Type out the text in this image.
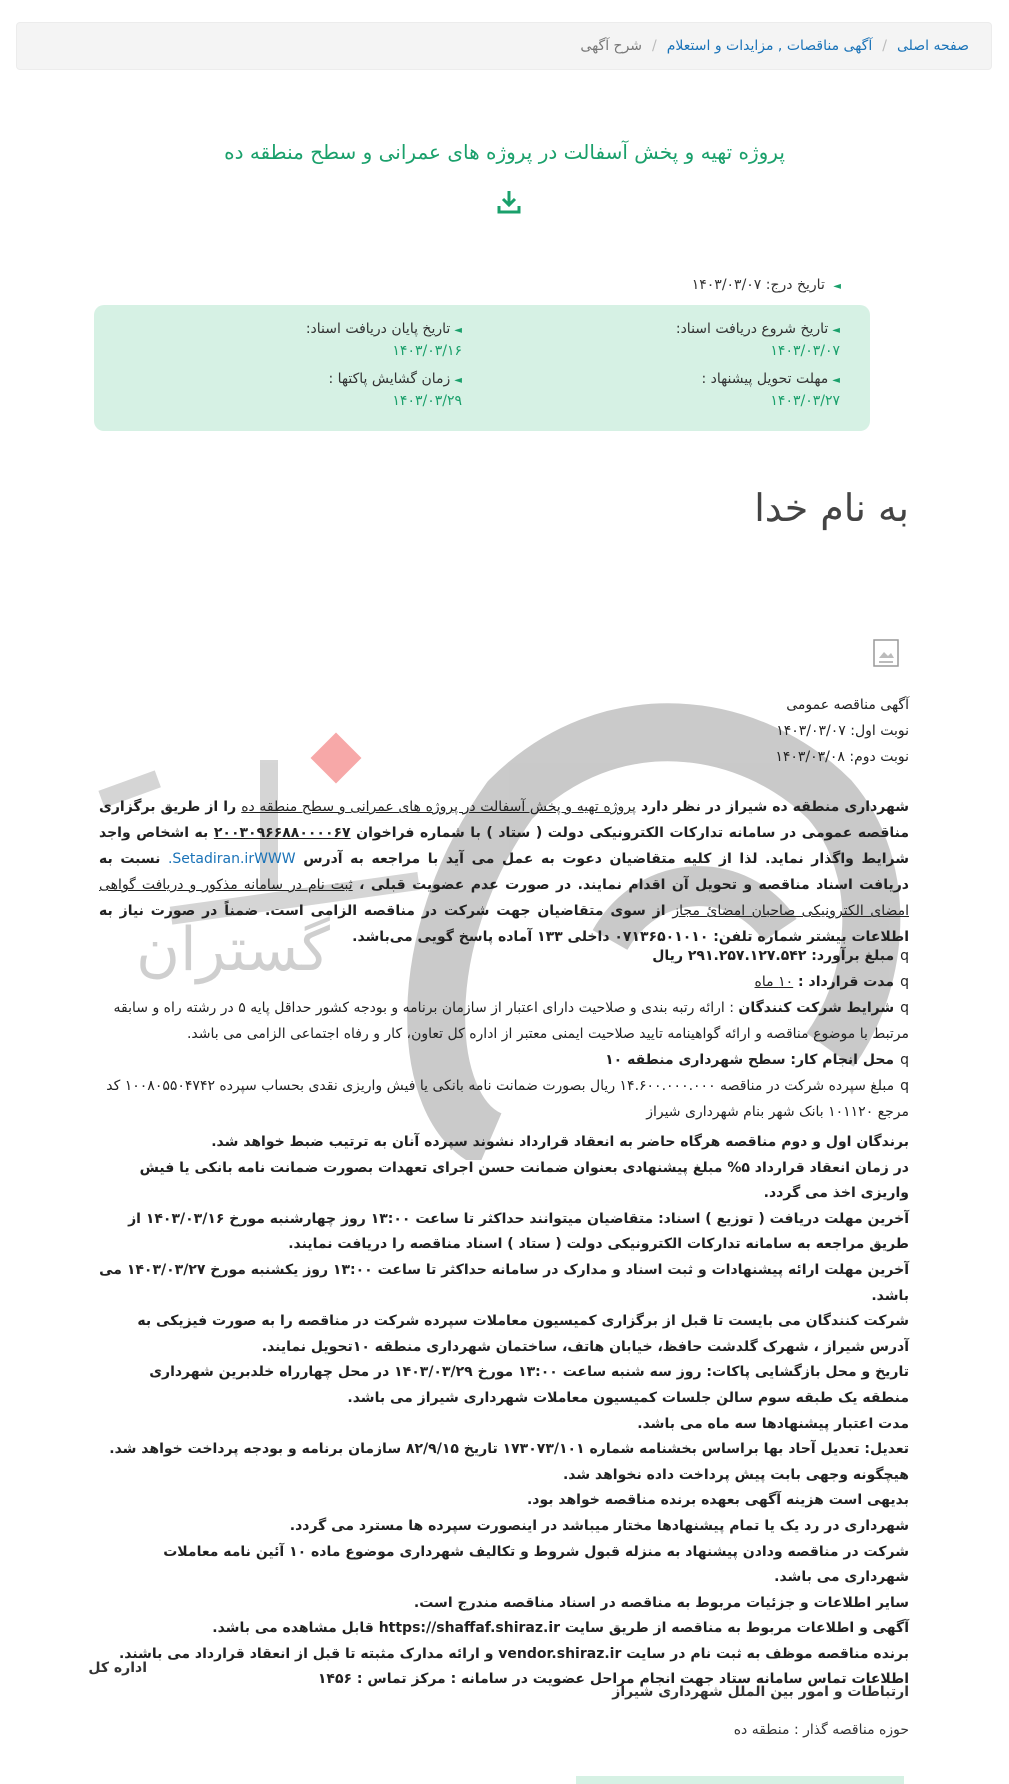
صفحه اصلی
/
آگهی مناقصات , مزایدات و استعلام
/
شرح آگهی
پروژه تهیه و پخش آسفالت در پروژه های عمرانی و سطح منطقه ده
◄ تاریخ درج: ۱۴۰۳/۰۳/۰۷
◄تاریخ شروع دریافت اسناد:
۱۴۰۳/۰۳/۰۷
◄تاریخ پایان دریافت اسناد:
۱۴۰۳/۰۳/۱۶
◄مهلت تحویل پیشنهاد :
۱۴۰۳/۰۳/۲۷
◄زمان گشایش پاکتها :
۱۴۰۳/۰۳/۲۹
به نام خدا
گستران
آگهی مناقصه عمومی
نوبت اول: ۱۴۰۳/۰۳/۰۷
نوبت دوم: ۱۴۰۳/۰۳/۰۸
شهرداری منطقه ده شیراز در نظر دارد پروژه تهیه و پخش آسفالت در پروژه های عمرانی و سطح منطقه ده را از طریق برگزاری مناقصه عمومی در سامانه تدارکات الکترونیکی دولت ( ستاد ) با شماره فراخوان ۲۰۰۳۰۹۶۶۸۸۰۰۰۰۶۷ به اشخاص واجد شرایط واگذار نماید. لذا از کلیه متقاضیان دعوت به عمل می آید با مراجعه به آدرس Setadiran.irWWW. نسبت به دریافت اسناد مناقصه و تحویل آن اقدام نمایند. در صورت عدم عضویت قبلی ، ثبت نام در سامانه مذکور و دریافت گواهی امضای الکترونیکی صاحبان امضائ مجاز از سوی متقاضیان جهت شرکت در مناقصه الزامی است. ضمناً در صورت نیاز به اطلاعات بیشتر شماره تلفن: ۰۷۱۳۶۵۰۱۰۱۰ داخلی ۱۳۳ آماده پاسخ گویی می‌باشد.
qمبلغ برآورد: ۲۹۱.۲۵۷.۱۲۷.۵۴۲ ریال
qمدت قرارداد : ۱۰ ماه
qشرایط شرکت کنندگان : ارائه رتبه بندی و صلاحیت دارای اعتبار از سازمان برنامه و بودجه کشور حداقل پایه ۵ در رشته راه و سابقه مرتبط با موضوع مناقصه و ارائه گواهینامه تایید صلاحیت ایمنی معتبر از اداره کل تعاون، کار و رفاه اجتماعی الزامی می باشد.
qمحل انجام کار: سطح شهرداری منطقه ۱۰
qمبلغ سپرده شرکت در مناقصه ۱۴.۶۰۰.۰۰۰.۰۰۰ ریال بصورت ضمانت نامه بانکی یا فیش واریزی نقدی بحساب سپرده ۱۰۰۸۰۵۵۰۴۷۴۲ کد مرجع ۱۰۱۱۲۰ بانک شهر بنام شهرداری شیراز

برندگان اول و دوم مناقصه هرگاه حاضر به انعقاد قرارداد نشوند سپرده آنان به ترتیب ضبط خواهد شد.

در زمان انعقاد قرارداد ۵% مبلغ پیشنهادی بعنوان ضمانت حسن اجرای تعهدات بصورت ضمانت نامه بانکی یا فیش واریزی اخذ می گردد.

آخرین مهلت دریافت ( توزیع ) اسناد: متقاضیان میتوانند حداکثر تا ساعت ۱۳:۰۰ روز چهارشنبه مورخ ۱۴۰۳/۰۳/۱۶ از طریق مراجعه به سامانه تدارکات الکترونیکی دولت ( ستاد ) اسناد مناقصه را دریافت نمایند.

آخرین مهلت ارائه پیشنهادات و ثبت اسناد و مدارک در سامانه حداکثر تا ساعت ۱۳:۰۰ روز یکشنبه مورخ ۱۴۰۳/۰۳/۲۷ می باشد.

شرکت کنندگان می بایست تا قبل از برگزاری کمیسیون معاملات سپرده شرکت در مناقصه را به صورت فیزیکی به آدرس شیراز ، شهرک گلدشت حافظ، خیابان هاتف، ساختمان شهرداری منطقه ۱۰تحویل نمایند.

تاریخ و محل بازگشایی پاکات: روز سه شنبه ساعت ۱۳:۰۰ مورخ ۱۴۰۳/۰۳/۲۹ در محل چهارراه خلدبرین شهرداری منطقه یک طبقه سوم سالن جلسات کمیسیون معاملات شهرداری شیراز می باشد.

مدت اعتبار پیشنهادها سه ماه می باشد.

تعدیل: تعدیل آحاد بها براساس بخشنامه شماره ۱۷۳۰۷۳/۱۰۱ تاریخ ۸۲/۹/۱۵ سازمان برنامه و بودجه پرداخت خواهد شد.

هیچگونه وجهی بابت پیش پرداخت داده نخواهد شد.

بدیهی است هزینه آگهی بعهده برنده مناقصه خواهد بود.

شهرداری در رد یک یا تمام پیشنهادها مختار میباشد در اینصورت سپرده ها مسترد می گردد.

شرکت در مناقصه ودادن پیشنهاد به منزله قبول شروط و تکالیف شهرداری موضوع ماده ۱۰ آئین نامه معاملات شهرداری می باشد.

سایر اطلاعات و جزئیات مربوط به مناقصه در اسناد مناقصه مندرج است.

آگهی و اطلاعات مربوط به مناقصه از طریق سایت https://shaffaf.shiraz.ir قابل مشاهده می باشد.

برنده مناقصه موظف به ثبت نام در سایت vendor.shiraz.ir و ارائه مدارک مثبته تا قبل از انعقاد قرارداد می باشند.

اطلاعات تماس سامانه ستاد جهت انجام مراحل عضویت در سامانه : مرکز تماس : ۱۴۵۶

اداره کل
ارتباطات و امور بین الملل شهرداری شیراز
حوزه مناقصه گذار : منطقه ده
